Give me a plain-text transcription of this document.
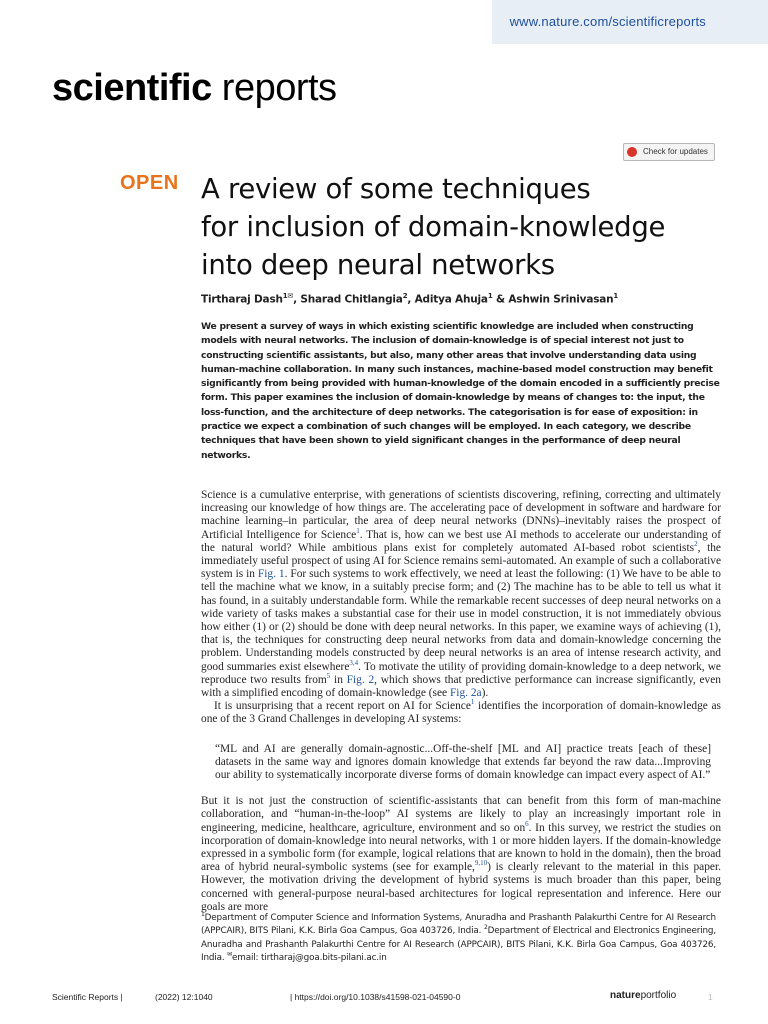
www.nature.com/scientificreports
scientific reports
Check for updates
OPEN A review of some techniques
for inclusion of domain-knowledge
into deep neural networks
Tirtharaj Dash$^{1✉}$, Sharad Chitlangia$^2$, Aditya Ahuja$^1$ & Ashwin Srinivasan$^1$

We present a survey of ways in which existing scientific knowledge are included when constructing models with neural networks. The inclusion of domain-knowledge is of special interest not just to constructing scientific assistants, but also, many other areas that involve understanding data using human-machine collaboration. In many such instances, machine-based model construction may benefit significantly from being provided with human-knowledge of the domain encoded in a sufficiently precise form. This paper examines the inclusion of domain-knowledge by means of changes to: the input, the loss-function, and the architecture of deep networks. The categorisation is for ease of exposition: in practice we expect a combination of such changes will be employed. In each category, we describe techniques that have been shown to yield significant changes in the performance of deep neural networks.

Science is a cumulative enterprise, with generations of scientists discovering, refining, correcting and ultimately increasing our knowledge of how things are. The accelerating pace of development in software and hardware for machine learning–in particular, the area of deep neural networks (DNNs)–inevitably raises the prospect of Artificial Intelligence for Science$^1$. That is, how can we best use AI methods to accelerate our understanding of the natural world? While ambitious plans exist for completely automated AI-based robot scientists$^2$, the immediately useful prospect of using AI for Science remains semi-automated. An example of such a collaborative system is in Fig. 1. For such systems to work effectively, we need at least the following: (1) We have to be able to tell the machine what we know, in a suitably precise form; and (2) The machine has to be able to tell us what it has found, in a suitably understandable form. While the remarkable recent successes of deep neural networks on a wide variety of tasks makes a substantial case for their use in model construction, it is not immediately obvious how either (1) or (2) should be done with deep neural networks. In this paper, we examine ways of achieving (1), that is, the techniques for constructing deep neural networks from data and domain-knowledge concerning the problem. Understanding models constructed by deep neural networks is an area of intense research activity, and good summaries exist elsewhere$^{3,4}$. To motivate the utility of providing domain-knowledge to a deep network, we reproduce two results from$^5$ in Fig. 2, which shows that predictive performance can increase significantly, even with a simplified encoding of domain-knowledge (see Fig. 2a).

It is unsurprising that a recent report on AI for Science$^1$ identifies the incorporation of domain-knowledge as one of the 3 Grand Challenges in developing AI systems:

“ML and AI are generally domain-agnostic...Off-the-shelf [ML and AI] practice treats [each of these] datasets in the same way and ignores domain knowledge that extends far beyond the raw data...Improving our ability to systematically incorporate diverse forms of domain knowledge can impact every aspect of AI.”

But it is not just the construction of scientific-assistants that can benefit from this form of man-machine collaboration, and “human-in-the-loop” AI systems are likely to play an increasingly important role in engineering, medicine, healthcare, agriculture, environment and so $on^6$. In this survey, we restrict the studies on incorporation of domain-knowledge into neural networks, with 1 or more hidden layers. If the domain-knowledge expressed in a symbolic form (for example, logical relations that are known to hold in the domain), then the broad area of hybrid neural-symbolic systems (see for example,$^{9,10}$) is clearly relevant to the material in this paper. However, the motivation driving the development of hybrid systems is much broader than this paper, being concerned with general-purpose neural-based architectures for logical representation and inference. Here our goals are more

$^1$Department of Computer Science and Information Systems, Anuradha and Prashanth Palakurthi Centre for AI Research (APPCAIR), BITS Pilani, K.K. Birla Goa Campus, Goa 403726, India. $^2$Department of Electrical and Electronics Engineering, Anuradha and Prashanth Palakurthi Centre for AI Research (APPCAIR), BITS Pilani, K.K. Birla Goa Campus, Goa 403726, India. ✉email: tirtharaj@goa.bits-pilani.ac.in
Scientific Reports |	(2022) 12:1040	| https://doi.org/10.1038/s41598-021-04590-0	natureportfolio	1
